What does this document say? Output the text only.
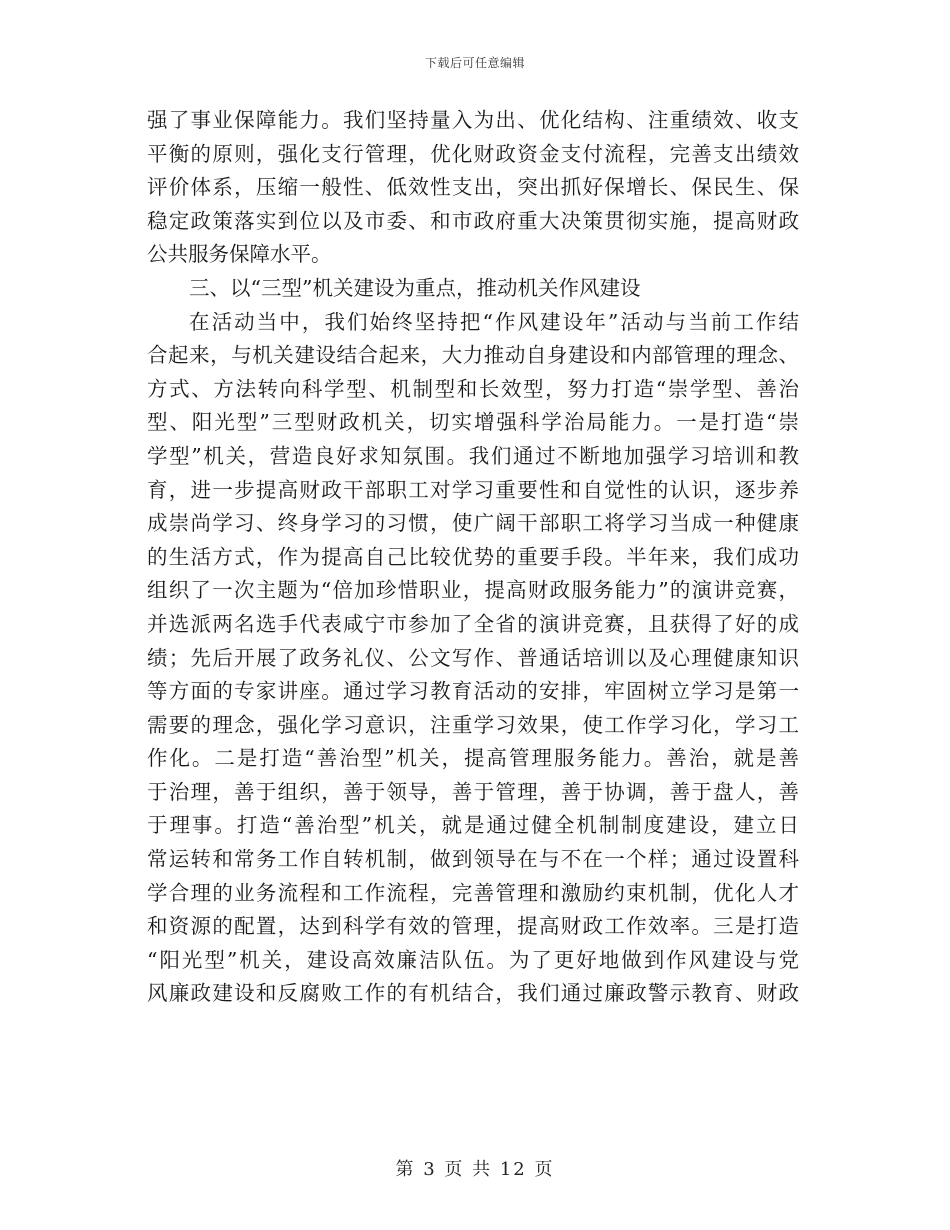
下载后可任意编辑
强了事业保障能力。我们坚持量入为出、优化结构、注重绩效、收支
平衡的原则，强化支行管理，优化财政资金支付流程，完善支出绩效
评价体系，压缩一般性、低效性支出，突出抓好保增长、保民生、保
稳定政策落实到位以及市委、和市政府重大决策贯彻实施，提高财政
公共服务保障水平。
三、以“三型”机关建设为重点，推动机关作风建设
在活动当中，我们始终坚持把“作风建设年”活动与当前工作结
合起来，与机关建设结合起来，大力推动自身建设和内部管理的理念、
方式、方法转向科学型、机制型和长效型，努力打造“崇学型、善治
型、阳光型”三型财政机关，切实增强科学治局能力。一是打造“崇
学型”机关，营造良好求知氛围。我们通过不断地加强学习培训和教
育，进一步提高财政干部职工对学习重要性和自觉性的认识，逐步养
成崇尚学习、终身学习的习惯，使广阔干部职工将学习当成一种健康
的生活方式，作为提高自己比较优势的重要手段。半年来，我们成功
组织了一次主题为“倍加珍惜职业，提高财政服务能力”的演讲竞赛，
并选派两名选手代表咸宁市参加了全省的演讲竞赛，且获得了好的成
绩；先后开展了政务礼仪、公文写作、普通话培训以及心理健康知识
等方面的专家讲座。通过学习教育活动的安排，牢固树立学习是第一
需要的理念，强化学习意识，注重学习效果，使工作学习化，学习工
作化。二是打造“善治型”机关，提高管理服务能力。善治，就是善
于治理，善于组织，善于领导，善于管理，善于协调，善于盘人，善
于理事。打造“善治型”机关，就是通过健全机制制度建设，建立日
常运转和常务工作自转机制，做到领导在与不在一个样；通过设置科
学合理的业务流程和工作流程，完善管理和激励约束机制，优化人才
和资源的配置，达到科学有效的管理，提高财政工作效率。三是打造
“阳光型”机关，建设高效廉洁队伍。为了更好地做到作风建设与党
风廉政建设和反腐败工作的有机结合，我们通过廉政警示教育、财政
第 3 页 共 12 页
